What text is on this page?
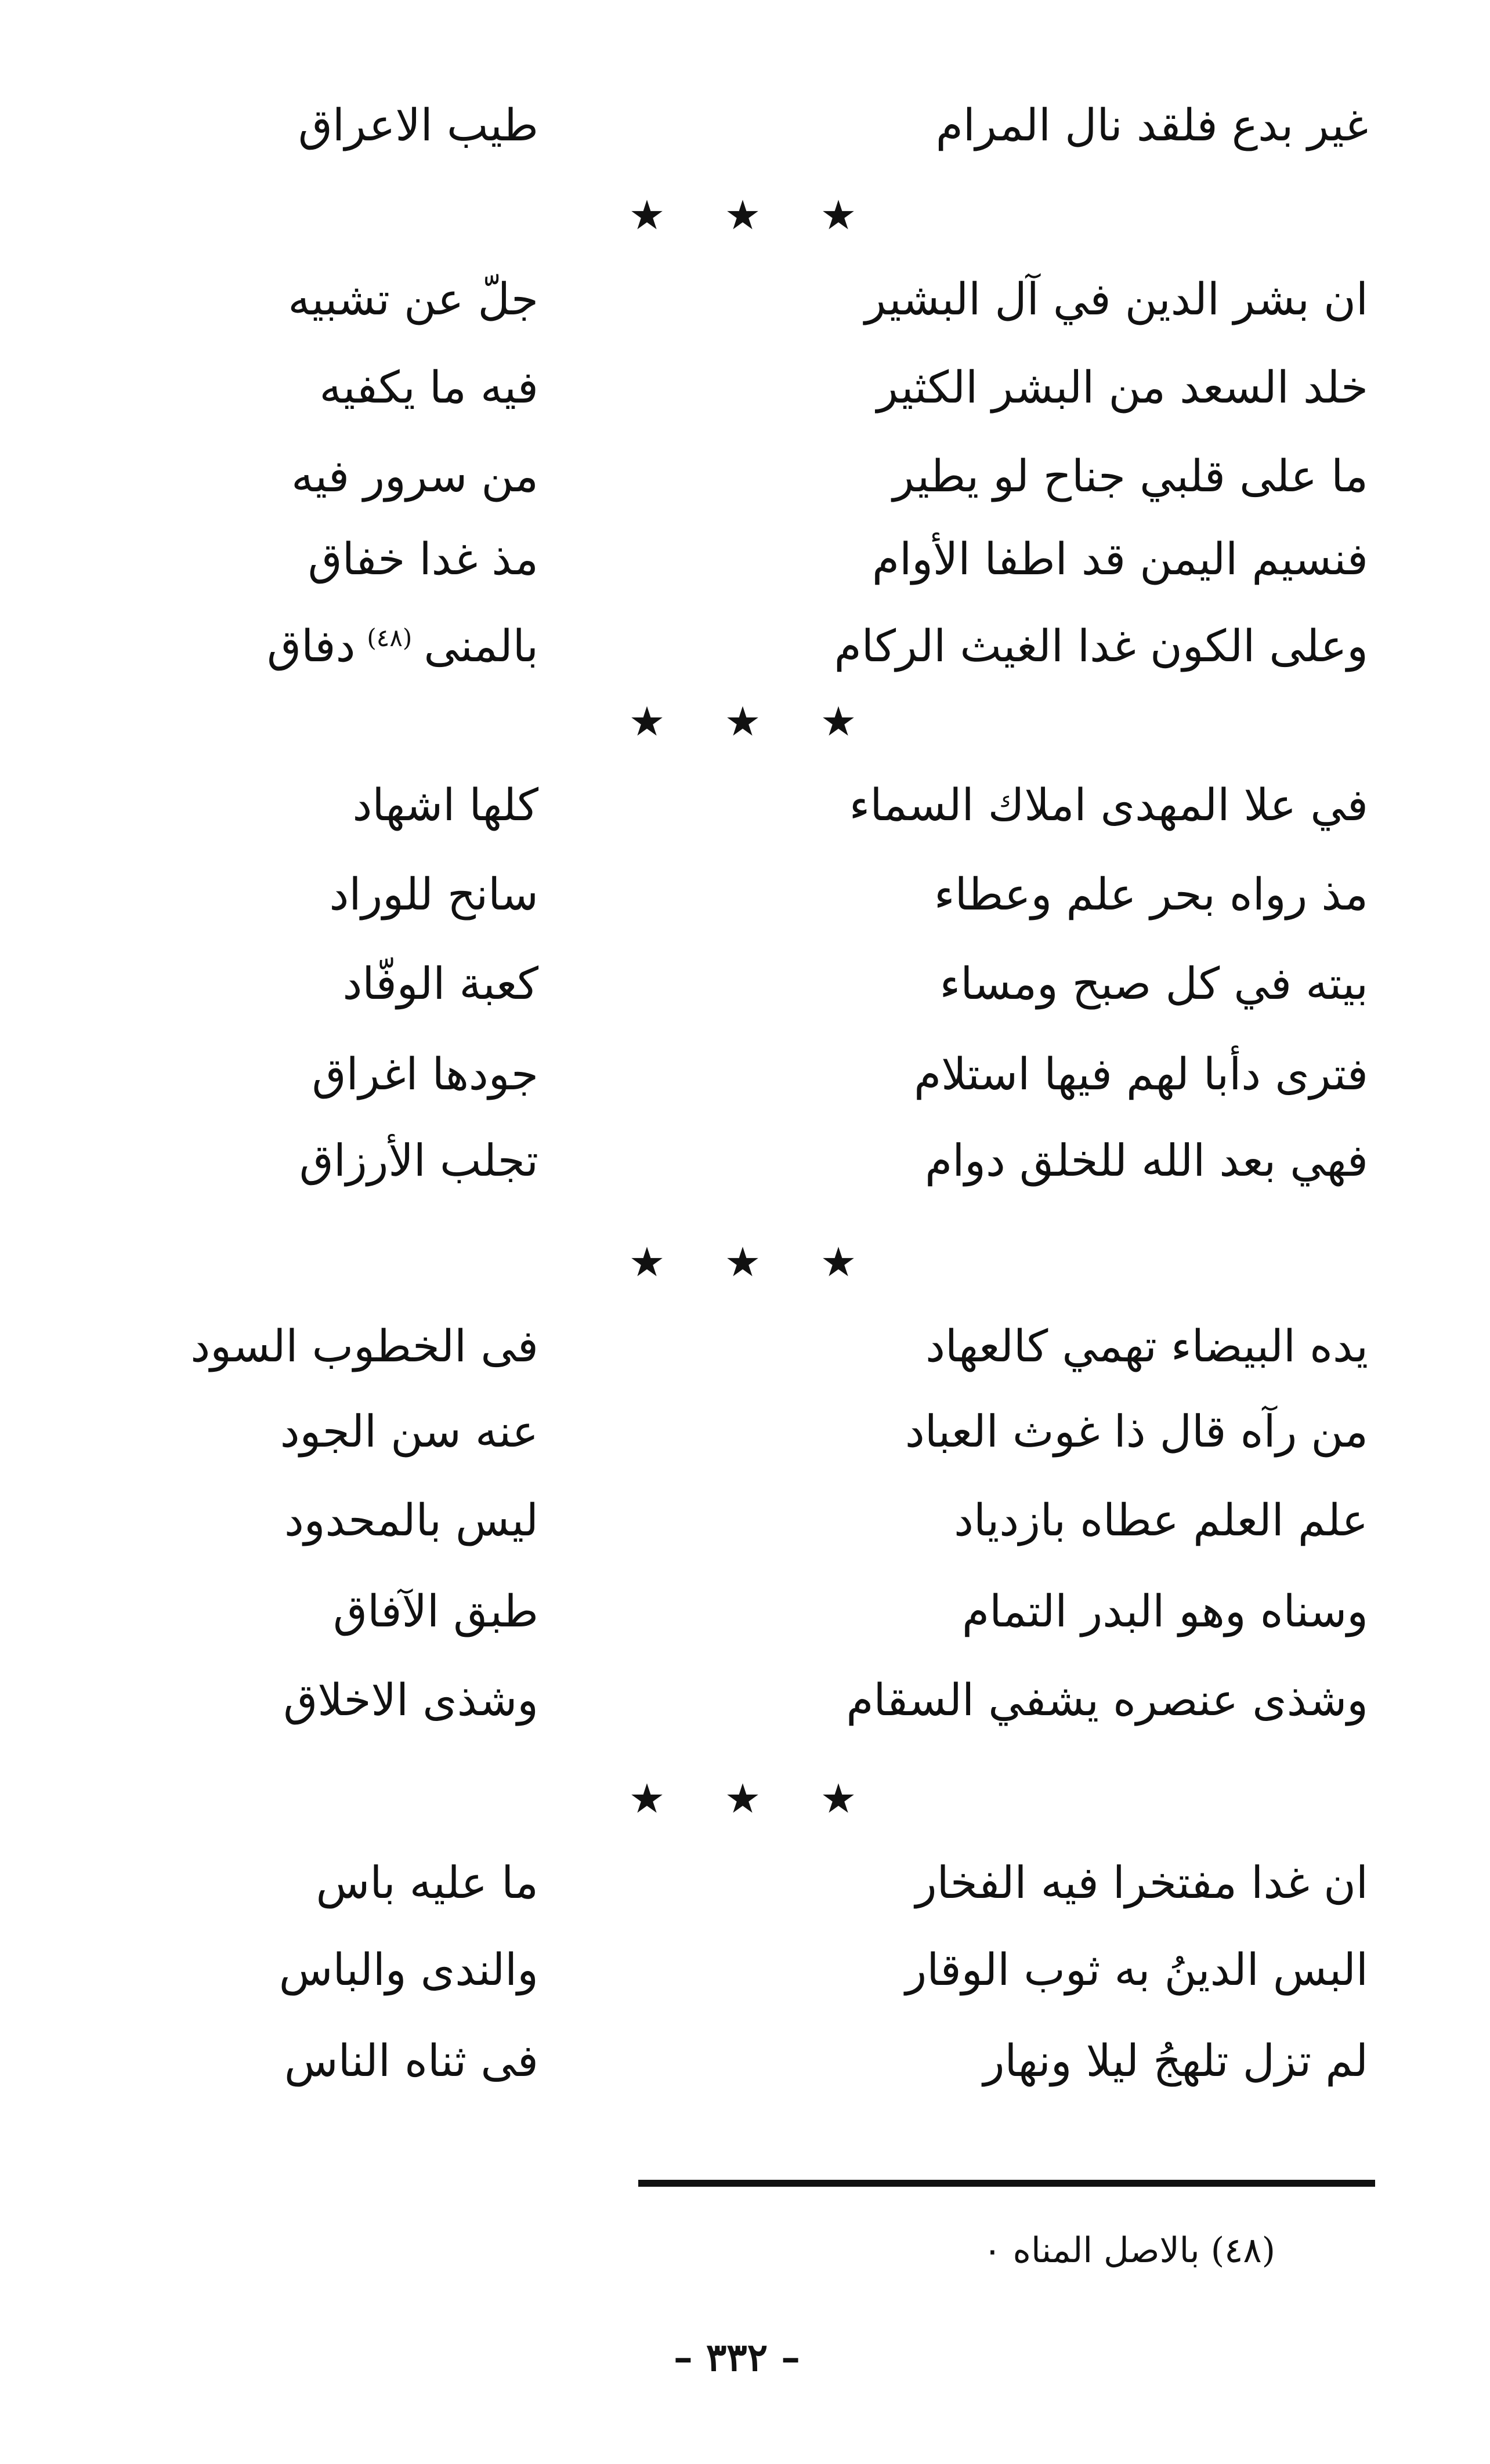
غير بدع فلقد نال المرام
طيب الاعراق
★
★
★
ان بشر الدين في آل البشير
جلّ عن تشبيه
خلد السعد من البشر الكثير
فيه ما يكفيه
ما على قلبي جناح لو يطير
من سرور فيه
فنسيم اليمن قد اطفا الأوام
مذ غدا خفاق
وعلى الكون غدا الغيث الركام
بالمنى$^{(٤٨)}$دفاق
★
★
★
في علا المهدى املاك السماء
كلها اشهاد
مذ رواه بحر علم وعطاء
سانح للوراد
بيته في كل صبح ومساء
كعبة الوفّاد
فترى دأبا لهم فيها استلام
جودها اغراق
فهي بعد الله للخلق دوام
تجلب الأرزاق
★
★
★
يده البيضاء تهمي كالعهاد
فى الخطوب السود
من رآه قال ذا غوث العباد
عنه سن الجود
علم العلم عطاه بازدياد
ليس بالمحدود
وسناه وهو البدر التمام
طبق الآفاق
وشذى عنصره يشفي السقام
وشذى الاخلاق
★
★
★
ان غدا مفتخرا فيه الفخار
ما عليه باس
البس الدينُ به ثوب الوقار
والندى والباس
لم تزل تلهجُ ليلا ونهار
فى ثناه الناس
(٤٨) بالاصل المناه ٠
– ٣٣٢ –
